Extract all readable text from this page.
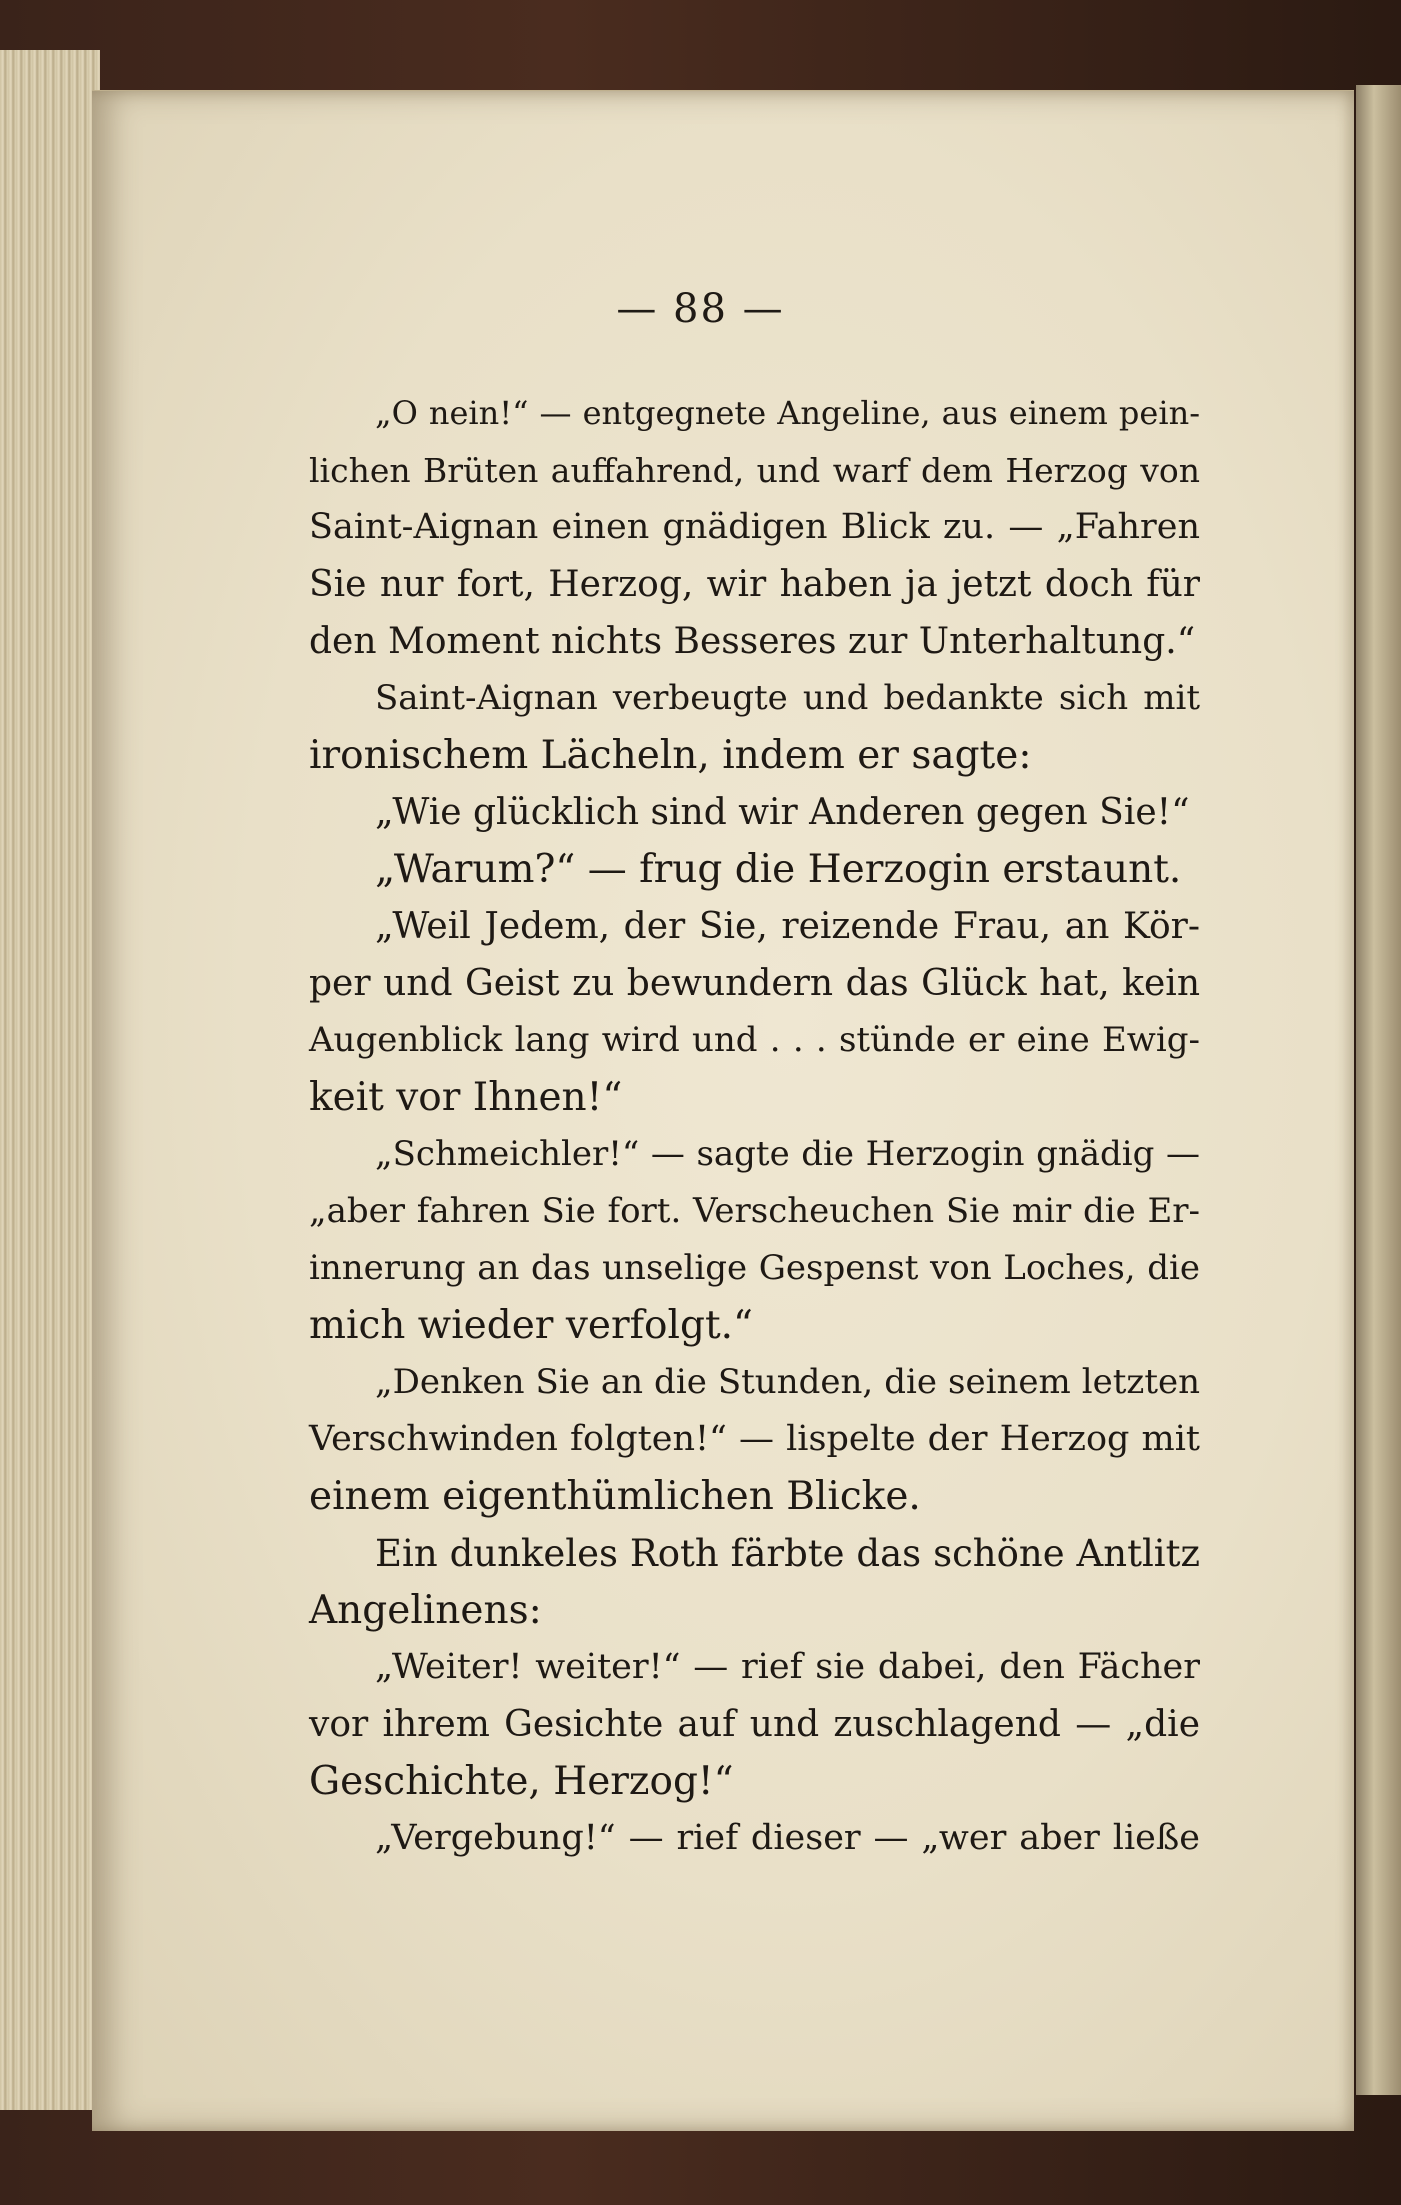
— 88 —
„O nein!“ — entgegnete Angeline, aus einem pein-
lichen Brüten auffahrend, und warf dem Herzog von
Saint-Aignan einen gnädigen Blick zu. — „Fahren
Sie nur fort, Herzog, wir haben ja jetzt doch für
den Moment nichts Besseres zur Unterhaltung.“
Saint-Aignan verbeugte und bedankte sich mit
ironischem Lächeln, indem er sagte:
„Wie glücklich sind wir Anderen gegen Sie!“
„Warum?“ — frug die Herzogin erstaunt.
„Weil Jedem, der Sie, reizende Frau, an Kör-
per und Geist zu bewundern das Glück hat, kein
Augenblick lang wird und . . . stünde er eine Ewig-
keit vor Ihnen!“
„Schmeichler!“ — sagte die Herzogin gnädig —
„aber fahren Sie fort. Verscheuchen Sie mir die Er-
innerung an das unselige Gespenst von Loches, die
mich wieder verfolgt.“
„Denken Sie an die Stunden, die seinem letzten
Verschwinden folgten!“ — lispelte der Herzog mit
einem eigenthümlichen Blicke.
Ein dunkeles Roth färbte das schöne Antlitz
Angelinens:
„Weiter! weiter!“ — rief sie dabei, den Fächer
vor ihrem Gesichte auf und zuschlagend — „die
Geschichte, Herzog!“
„Vergebung!“ — rief dieser — „wer aber ließe
